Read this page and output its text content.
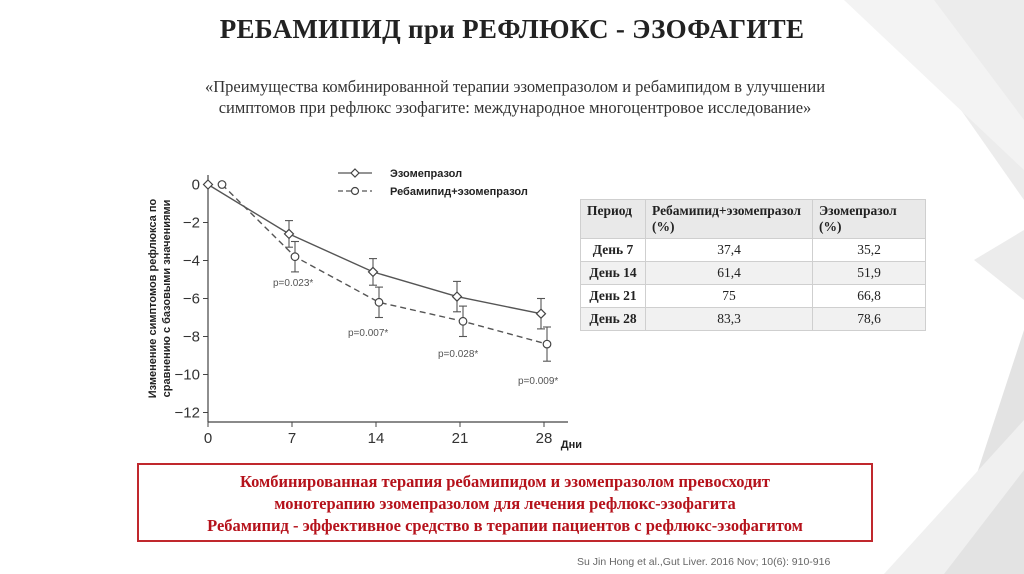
РЕБАМИПИД при РЕФЛЮКС - ЭЗОФАГИТЕ
«Преимущества комбинированной терапии эзомепразолом и ребамипидом в улучшении симптомов при рефлюкс эзофагите: международное многоцентровое исследование»
0
−2
−4
−6
−8
−10
−12
0	7	14	21	28 Дни
Изменение симптомов рефлюкса по сравнению с базовыми значениями	p=0.023*
p=0.007*
p=0.028*
p=0.009*
Эзомепразол
Ребамипид+эзомепразол
Период	Ребамипид+эзомепразол (%)	Эзомепразол (%)
День 7	37,4	35,2
День 14	61,4	51,9
День 21	75	66,8
День 28	83,3	78,6
Комбинированная терапия ребамипидом и эзомепразолом превосходит
монотерапию эзомепразолом для лечения рефлюкс-эзофагита
Ребамипид - эффективное средство в терапии пациентов с рефлюкс-эзофагитом
Su Jin Hong et al.,Gut Liver. 2016 Nov; 10(6): 910-916
